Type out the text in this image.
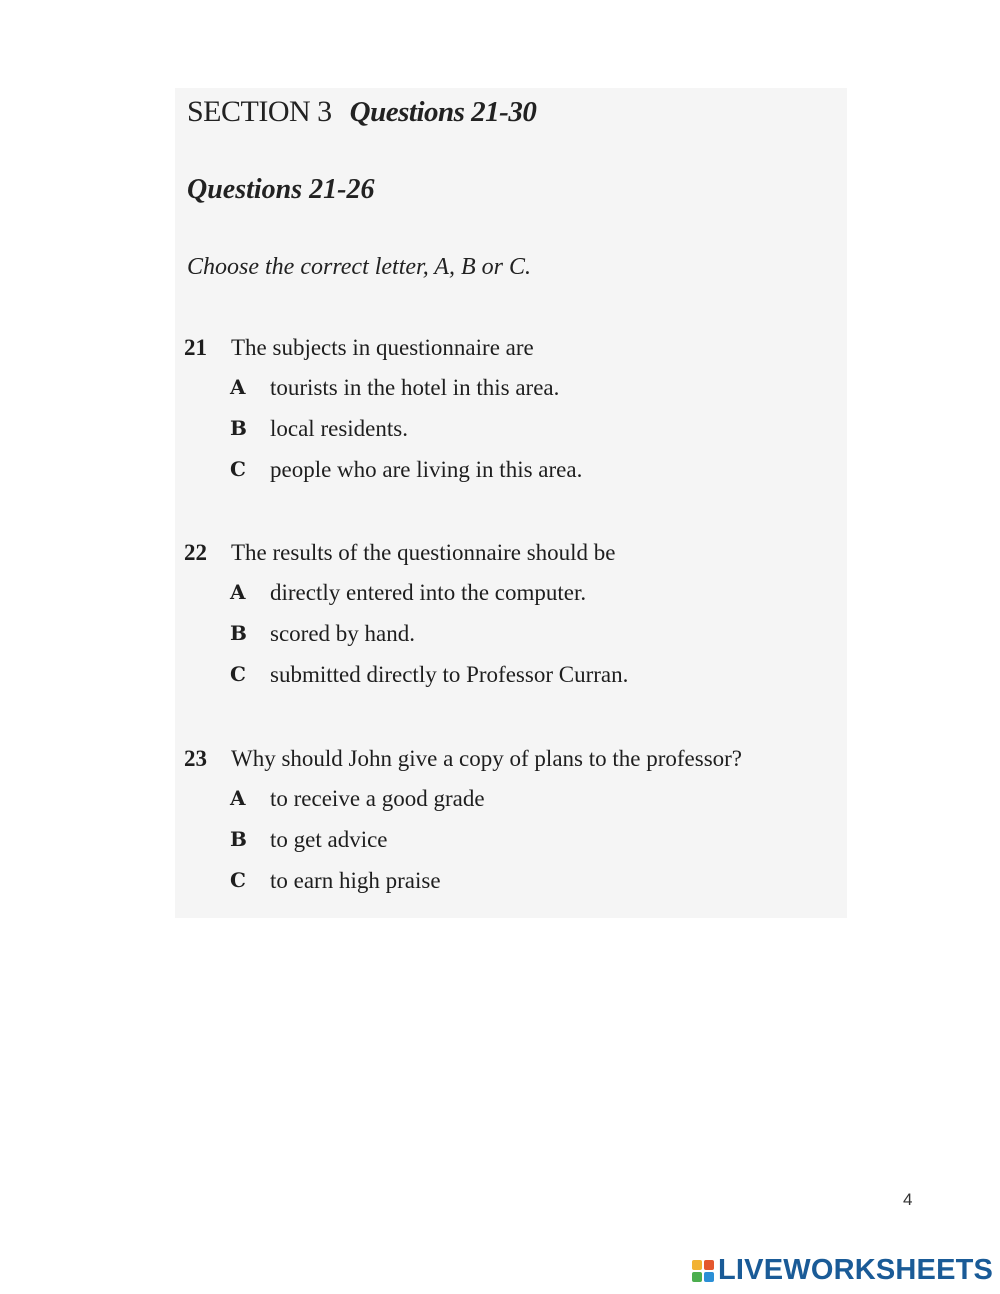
SECTION 3 Questions 21-30
Questions 21-26
Choose the correct letter, A, B or C.
21 The subjects in questionnaire are
A tourists in the hotel in this area.
B local residents.
C people who are living in this area.
22 The results of the questionnaire should be
A directly entered into the computer.
B scored by hand.
C submitted directly to Professor Curran.
23 Why should John give a copy of plans to the professor?
A to receive a good grade
B to get advice
C to earn high praise
4
LIVEWORKSHEETS
